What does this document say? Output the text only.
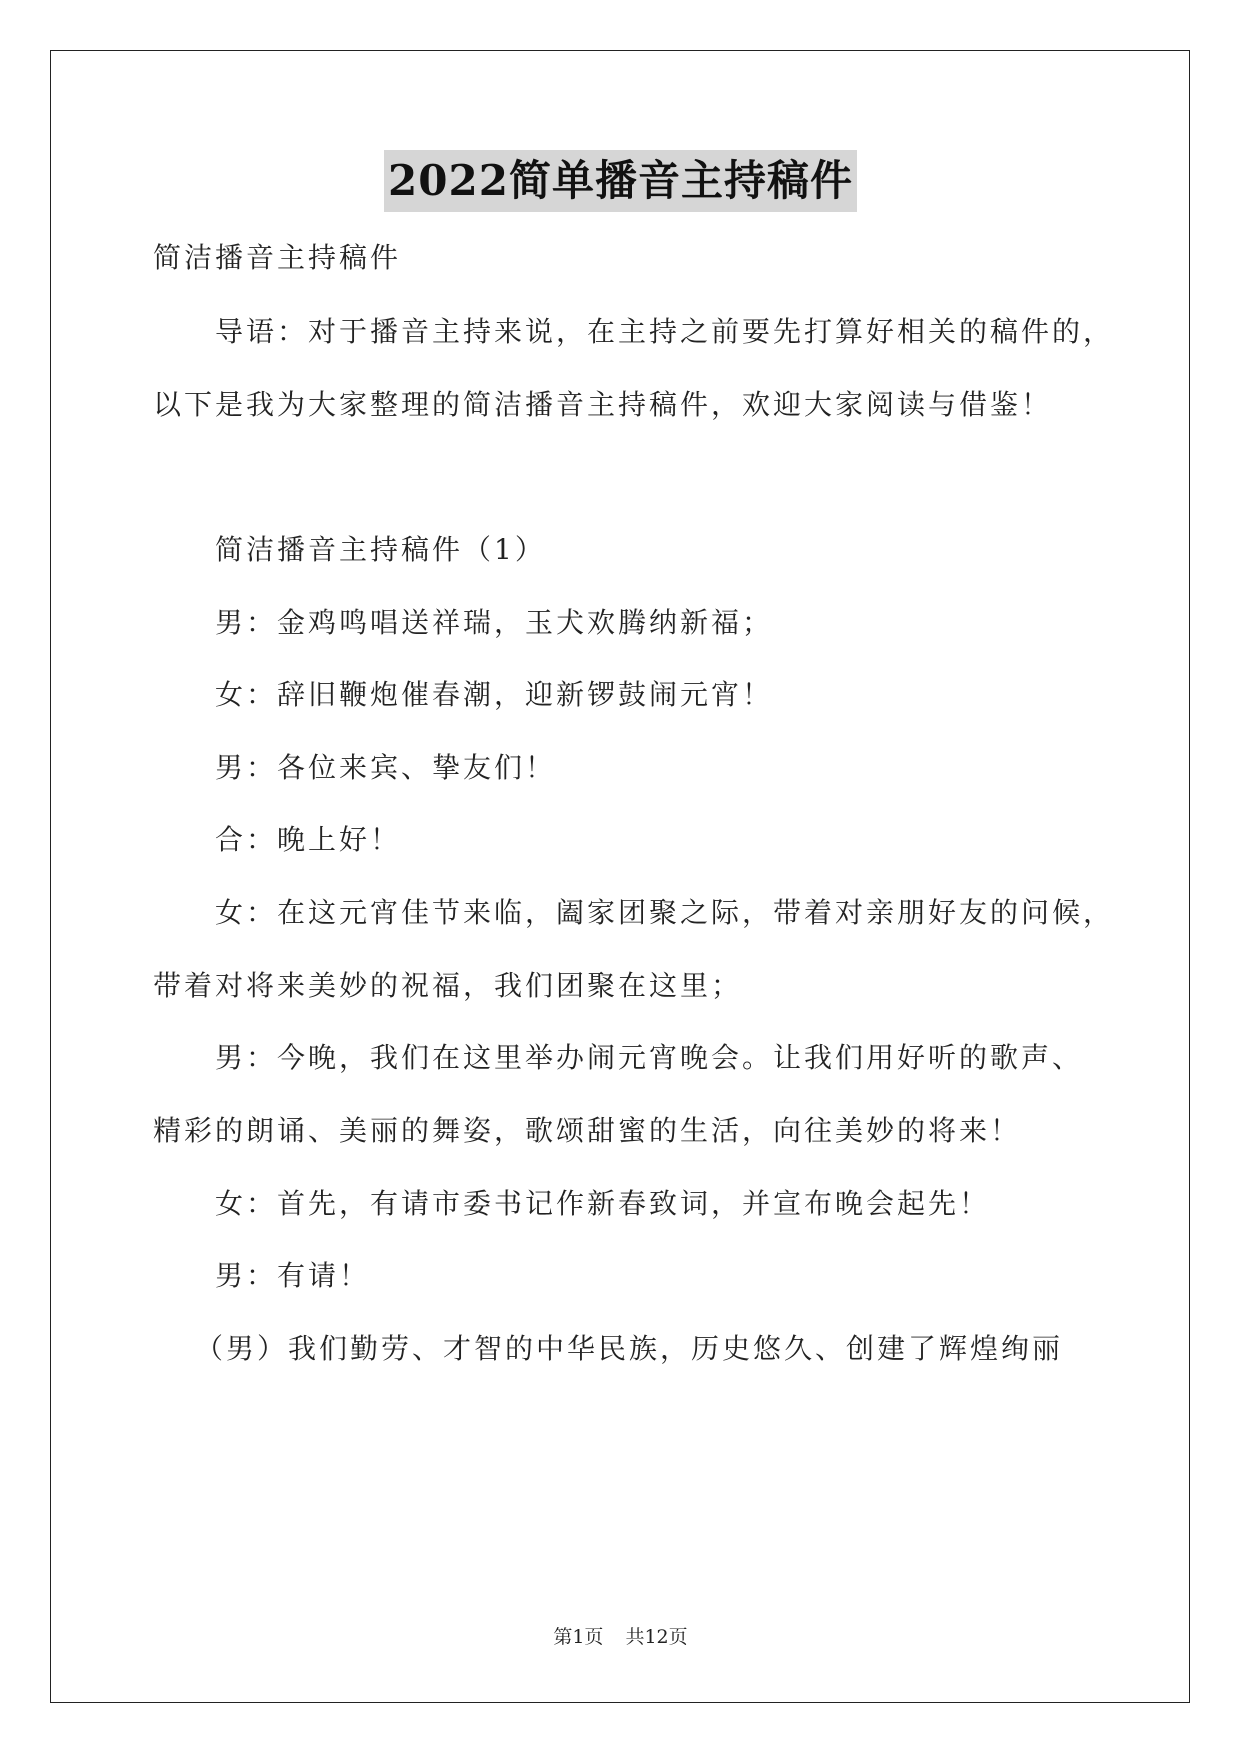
2022简单播音主持稿件
简洁播音主持稿件
导语：对于播音主持来说，在主持之前要先打算好相关的稿件的，
以下是我为大家整理的简洁播音主持稿件，欢迎大家阅读与借鉴！
简洁播音主持稿件（1）
男：金鸡鸣唱送祥瑞，玉犬欢腾纳新福；
女：辞旧鞭炮催春潮，迎新锣鼓闹元宵！
男：各位来宾、挚友们！
合：晚上好！
女：在这元宵佳节来临，阖家团聚之际，带着对亲朋好友的问候，
带着对将来美妙的祝福，我们团聚在这里；
男：今晚，我们在这里举办闹元宵晚会。让我们用好听的歌声、
精彩的朗诵、美丽的舞姿，歌颂甜蜜的生活，向往美妙的将来！
女：首先，有请市委书记作新春致词，并宣布晚会起先！
男：有请！
（男）我们勤劳、才智的中华民族，历史悠久、创建了辉煌绚丽
第1页 共12页
